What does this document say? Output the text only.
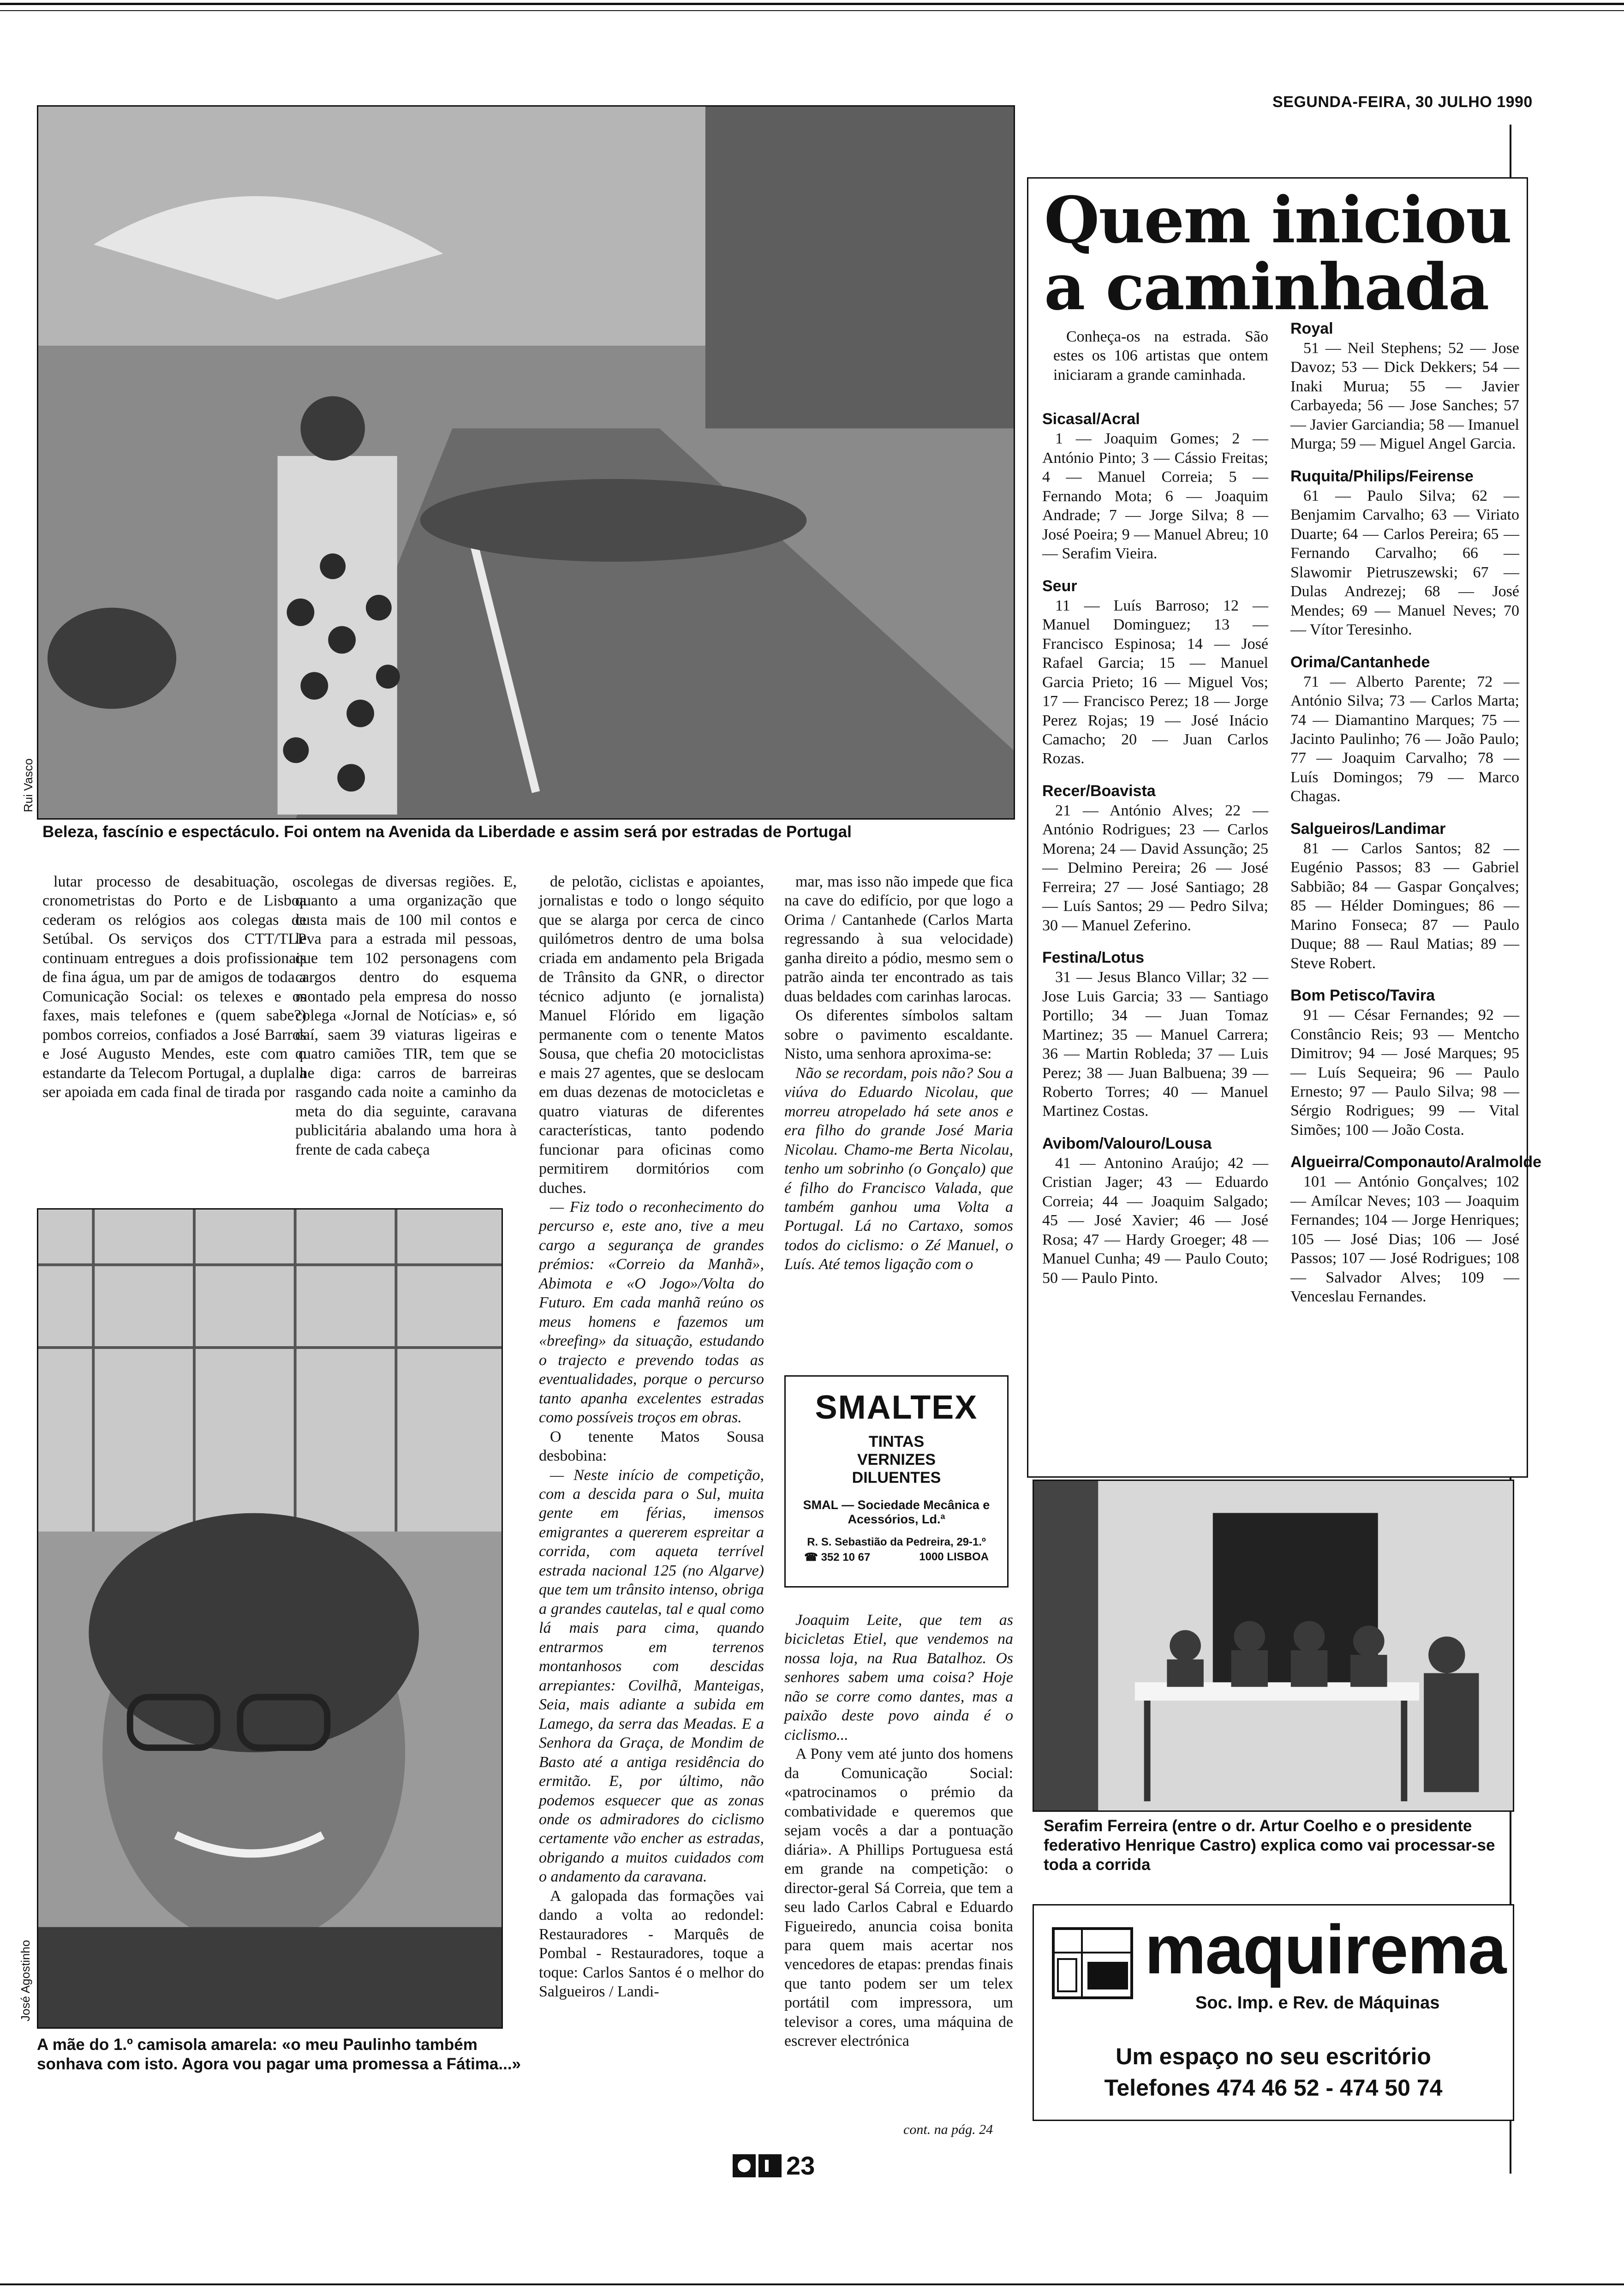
SEGUNDA-FEIRA, 30 JULHO 1990
Rui Vasco
Beleza, fascínio e espectáculo. Foi ontem na Avenida da Liberdade e assim será por estradas de Portugal

lutar processo de desabituação, os cronometristas do Porto e de Lisboa cederam os relógios aos colegas de Setúbal. Os serviços dos CTT/TLP continuam entregues a dois profissionais de fina água, um par de amigos de toda a Comunicação Social: os telexes e os faxes, mais telefones e (quem sabe?) pombos correios, confiados a José Barros e José Augusto Mendes, este com o estandarte da Telecom Portugal, a dupla a ser apoiada em cada final de tirada por

colegas de diversas regiões. E, quanto a uma organização que custa mais de 100 mil contos e leva para a estrada mil pessoas, que tem 102 personagens com cargos dentro do esquema montado pela empresa do nosso colega «Jornal de Notícias» e, só daí, saem 39 viaturas ligeiras e quatro camiões TIR, tem que se lhe diga: carros de barreiras rasgando cada noite a caminho da meta do dia seguinte, caravana publicitária abalando uma hora à frente de cada cabeça

de pelotão, ciclistas e apoiantes, jornalistas e todo o longo séquito que se alarga por cerca de cinco quilómetros dentro de uma bolsa criada em andamento pela Brigada de Trânsito da GNR, o director técnico adjunto (e jornalista) Manuel Flórido em ligação permanente com o tenente Matos Sousa, que chefia 20 motociclistas e mais 27 agentes, que se deslocam em duas dezenas de motocicletas e quatro viaturas de diferentes características, tanto podendo funcionar para oficinas como permitirem dormitórios com duches.

— Fiz todo o reconhecimento do percurso e, este ano, tive a meu cargo a segurança de grandes prémios: «Correio da Manhã», Abimota e «O Jogo»/Volta do Futuro. Em cada manhã reúno os meus homens e fazemos um «breefing» da situação, estudando o trajecto e prevendo todas as eventualidades, porque o percurso tanto apanha excelentes estradas como possíveis troços em obras.

O tenente Matos Sousa desbobina:

— Neste início de competição, com a descida para o Sul, muita gente em férias, imensos emigrantes a quererem espreitar a corrida, com aqueta terrível estrada nacional 125 (no Algarve) que tem um trânsito intenso, obriga a grandes cautelas, tal e qual como lá mais para cima, quando entrarmos em terrenos montanhosos com descidas arrepiantes: Covilhã, Manteigas, Seia, mais adiante a subida em Lamego, da serra das Meadas. E a Senhora da Graça, de Mondim de Basto até a antiga residência do ermitão. E, por último, não podemos esquecer que as zonas onde os admiradores do ciclismo certamente vão encher as estradas, obrigando a muitos cuidados com o andamento da caravana.

A galopada das formações vai dando a volta ao redondel: Restauradores - Marquês de Pombal - Restauradores, toque a toque: Carlos Santos é o melhor do Salgueiros / Landi-

mar, mas isso não impede que fica na cave do edifício, por que logo a Orima / Cantanhede (Carlos Marta regressando à sua velocidade) ganha direito a pódio, mesmo sem o patrão ainda ter encontrado as tais duas beldades com carinhas larocas.

Os diferentes símbolos saltam sobre o pavimento escaldante. Nisto, uma senhora aproxima-se:

Não se recordam, pois não? Sou a viúva do Eduardo Nicolau, que morreu atropelado há sete anos e era filho do grande José Maria Nicolau. Chamo-me Berta Nicolau, tenho um sobrinho (o Gonçalo) que é filho do Francisco Valada, que também ganhou uma Volta a Portugal. Lá no Cartaxo, somos todos do ciclismo: o Zé Manuel, o Luís. Até temos ligação com o

SMALTEX
TINTAS
VERNIZES
DILUENTES
SMAL — Sociedade Mecânica e Acessórios, Ld.ª
R. S. Sebastião da Pedreira, 29-1.º
☎ 352 10 67	1000 LISBOA

Joaquim Leite, que tem as bicicletas Etiel, que vendemos na nossa loja, na Rua Batalhoz. Os senhores sabem uma coisa? Hoje não se corre como dantes, mas a paixão deste povo ainda é o ciclismo...

A Pony vem até junto dos homens da Comunicação Social: «patrocinamos o prémio da combatividade e queremos que sejam vocês a dar a pontuação diária». A Phillips Portuguesa está em grande na competição: o director-geral Sá Correia, que tem a seu lado Carlos Cabral e Eduardo Figueiredo, anuncia coisa bonita para quem mais acertar nos vencedores de etapas: prendas finais que tanto podem ser um telex portátil com impressora, um televisor a cores, uma máquina de escrever electrónica

cont. na pág. 24
José Agostinho
A mãe do 1.º camisola amarela: «o meu Paulinho também sonhava com isto. Agora vou pagar uma promessa a Fátima...»
Quem iniciou
a caminhada
Conheça-os na estrada. São estes os 106 artistas que ontem iniciaram a grande caminhada.
Sicasal/Acral

1 — Joaquim Gomes; 2 — António Pinto; 3 — Cássio Freitas; 4 — Manuel Correia; 5 — Fernando Mota; 6 — Joaquim Andrade; 7 — Jorge Silva; 8 — José Poeira; 9 — Manuel Abreu; 10 — Serafim Vieira.

Seur

11 — Luís Barroso; 12 — Manuel Dominguez; 13 — Francisco Espinosa; 14 — José Rafael Garcia; 15 — Manuel Garcia Prieto; 16 — Miguel Vos; 17 — Francisco Perez; 18 — Jorge Perez Rojas; 19 — José Inácio Camacho; 20 — Juan Carlos Rozas.

Recer/Boavista

21 — António Alves; 22 — António Rodrigues; 23 — Carlos Morena; 24 — David Assunção; 25 — Delmino Pereira; 26 — José Ferreira; 27 — José Santiago; 28 — Luís Santos; 29 — Pedro Silva; 30 — Manuel Zeferino.

Festina/Lotus

31 — Jesus Blanco Villar; 32 — Jose Luis Garcia; 33 — Santiago Portillo; 34 — Juan Tomaz Martinez; 35 — Manuel Carrera; 36 — Martin Robleda; 37 — Luis Perez; 38 — Juan Balbuena; 39 — Roberto Torres; 40 — Manuel Martinez Costas.

Avibom/Valouro/Lousa

41 — Antonino Araújo; 42 — Cristian Jager; 43 — Eduardo Correia; 44 — Joaquim Salgado; 45 — José Xavier; 46 — José Rosa; 47 — Hardy Groeger; 48 — Manuel Cunha; 49 — Paulo Couto; 50 — Paulo Pinto.

Royal

51 — Neil Stephens; 52 — Jose Davoz; 53 — Dick Dekkers; 54 — Inaki Murua; 55 — Javier Carbayeda; 56 — Jose Sanches; 57 — Javier Garciandia; 58 — Imanuel Murga; 59 — Miguel Angel Garcia.

Ruquita/Philips/Feirense

61 — Paulo Silva; 62 — Benjamim Carvalho; 63 — Viriato Duarte; 64 — Carlos Pereira; 65 — Fernando Carvalho; 66 — Slawomir Pietruszewski; 67 — Dulas Andrezej; 68 — José Mendes; 69 — Manuel Neves; 70 — Vítor Teresinho.

Orima/Cantanhede

71 — Alberto Parente; 72 — António Silva; 73 — Carlos Marta; 74 — Diamantino Marques; 75 — Jacinto Paulinho; 76 — João Paulo; 77 — Joaquim Carvalho; 78 — Luís Domingos; 79 — Marco Chagas.

Salgueiros/Landimar

81 — Carlos Santos; 82 — Eugénio Passos; 83 — Gabriel Sabbião; 84 — Gaspar Gonçalves; 85 — Hélder Domingues; 86 — Marino Fonseca; 87 — Paulo Duque; 88 — Raul Matias; 89 — Steve Robert.

Bom Petisco/Tavira

91 — César Fernandes; 92 — Constâncio Reis; 93 — Mentcho Dimitrov; 94 — José Marques; 95 — Luís Sequeira; 96 — Paulo Ernesto; 97 — Paulo Silva; 98 — Sérgio Rodrigues; 99 — Vital Simões; 100 — João Costa.

Algueirra/Componauto/Aralmolde

101 — António Gonçalves; 102 — Amílcar Neves; 103 — Joaquim Fernandes; 104 — Jorge Henriques; 105 — José Dias; 106 — José Passos; 107 — José Rodrigues; 108 — Salvador Alves; 109 — Venceslau Fernandes.

Serafim Ferreira (entre o dr. Artur Coelho e o presidente federativo Henrique Castro) explica como vai processar-se toda a corrida
maquirema
Soc. Imp. e Rev. de Máquinas
Um espaço no seu escritório
Telefones 474 46 52 - 474 50 74
23
